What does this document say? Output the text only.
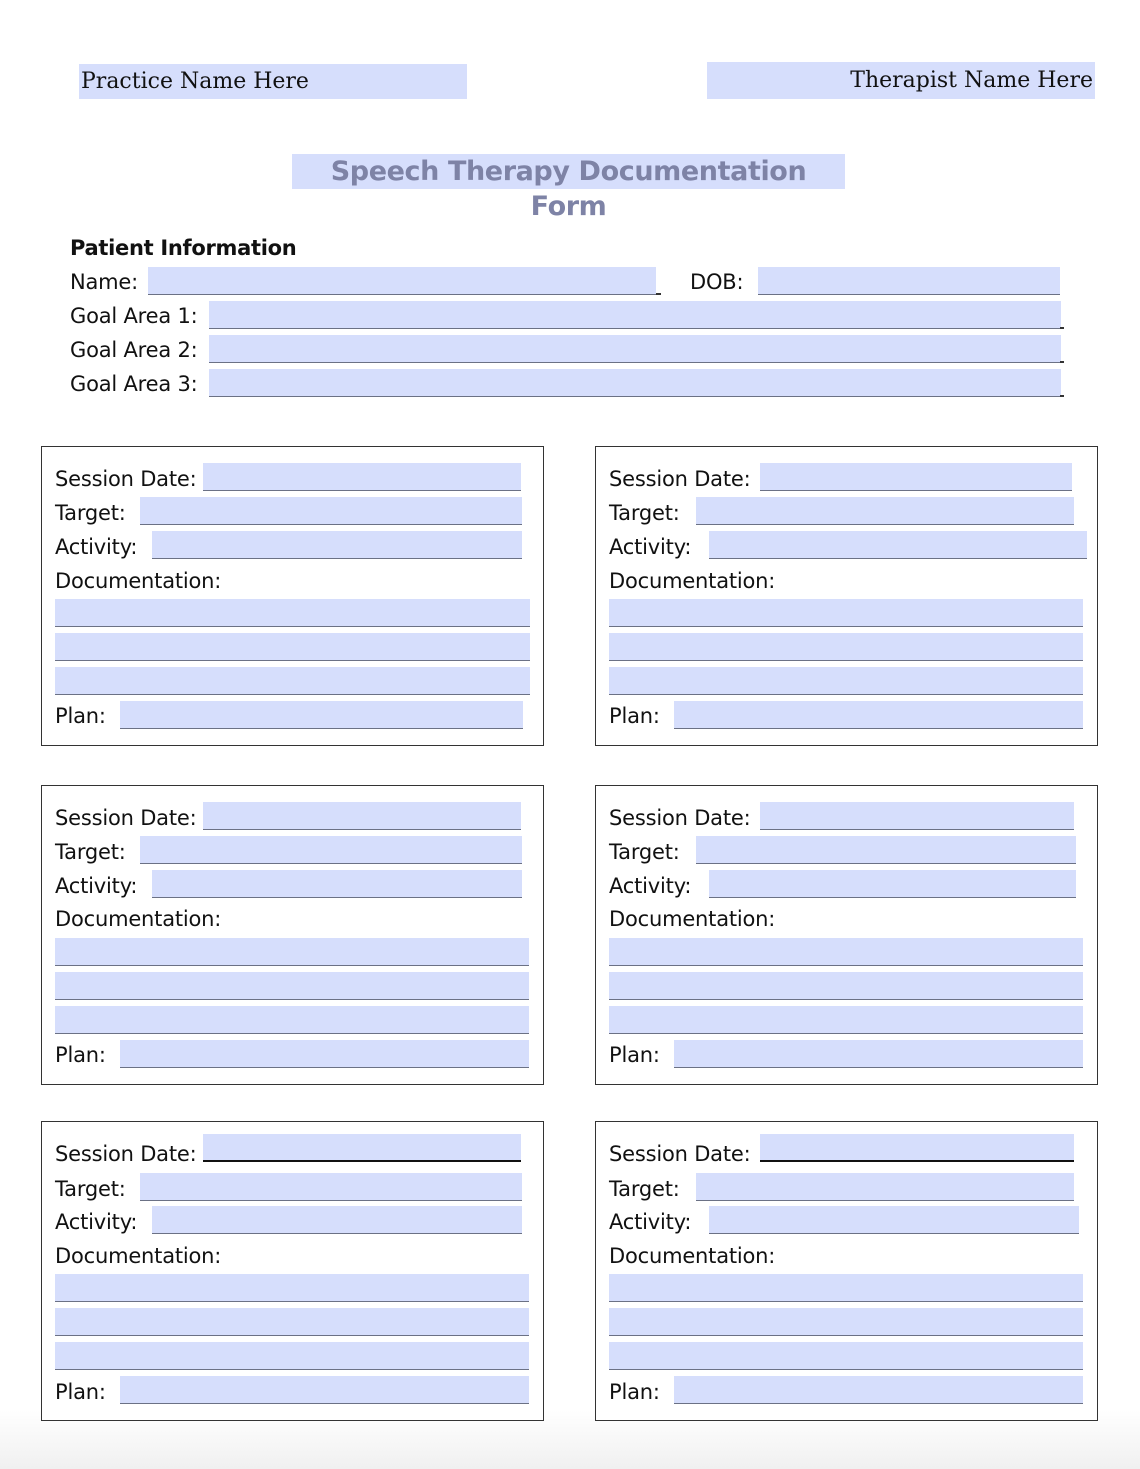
Practice Name Here	Therapist Name Here
Speech Therapy Documentation Form
Patient Information
Name:	DOB:
Goal Area 1:
Goal Area 2:
Goal Area 3:
Session Date:
Target:
Activity:
Documentation:
Plan:
Session Date:
Target:
Activity:
Documentation:
Plan:
Session Date:
Target:
Activity:
Documentation:
Plan:
Session Date:
Target:
Activity:
Documentation:
Plan:
Session Date:
Target:
Activity:
Documentation:
Plan:
Session Date:
Target:
Activity:
Documentation:
Plan:
